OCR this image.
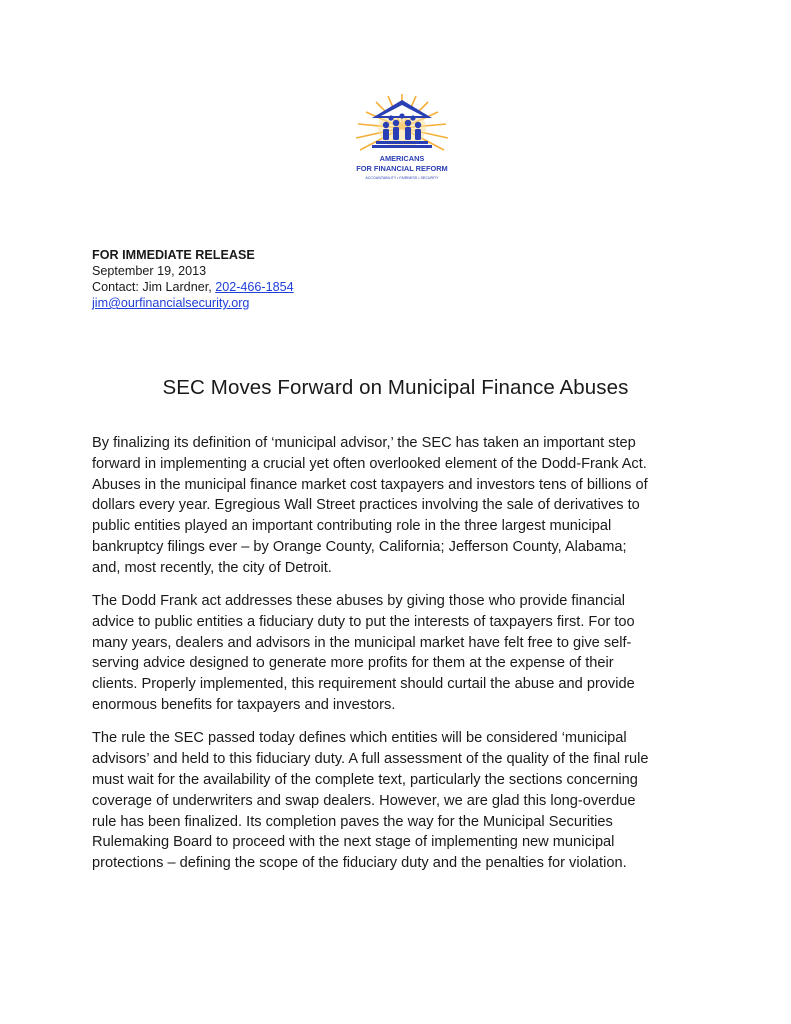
AMERICANS
FOR FINANCIAL REFORM
ACCOUNTABILITY • FAIRNESS • SECURITY
FOR IMMEDIATE RELEASE
September 19, 2013
Contact: Jim Lardner, 202-466-1854
jim@ourfinancialsecurity.org
SEC Moves Forward on Municipal Finance Abuses

By finalizing its definition of ‘municipal advisor,’ the SEC has taken an important step
forward in implementing a crucial yet often overlooked element of the Dodd-Frank Act.
Abuses in the municipal finance market cost taxpayers and investors tens of billions of
dollars every year. Egregious Wall Street practices involving the sale of derivatives to
public entities played an important contributing role in the three largest municipal
bankruptcy filings ever – by Orange County, California; Jefferson County, Alabama;
and, most recently, the city of Detroit.

The Dodd Frank act addresses these abuses by giving those who provide financial
advice to public entities a fiduciary duty to put the interests of taxpayers first. For too
many years, dealers and advisors in the municipal market have felt free to give self-
serving advice designed to generate more profits for them at the expense of their
clients. Properly implemented, this requirement should curtail the abuse and provide
enormous benefits for taxpayers and investors.

The rule the SEC passed today defines which entities will be considered ‘municipal
advisors’ and held to this fiduciary duty. A full assessment of the quality of the final rule
must wait for the availability of the complete text, particularly the sections concerning
coverage of underwriters and swap dealers. However, we are glad this long-overdue
rule has been finalized. Its completion paves the way for the Municipal Securities
Rulemaking Board to proceed with the next stage of implementing new municipal
protections – defining the scope of the fiduciary duty and the penalties for violation.
